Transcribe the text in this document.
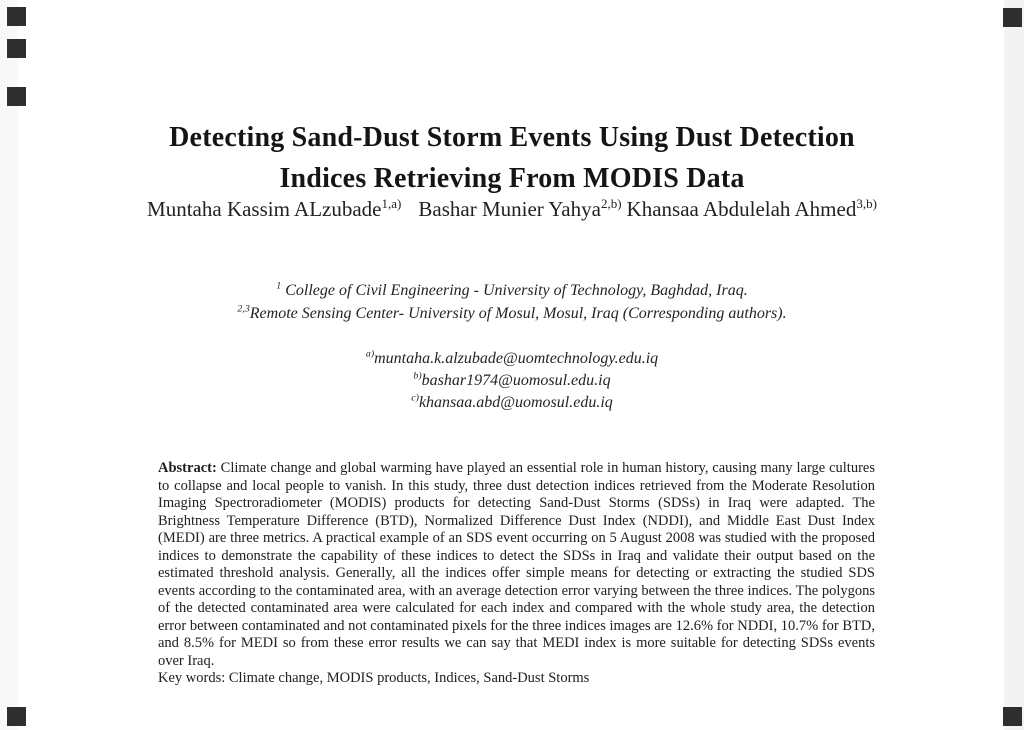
Detecting Sand-Dust Storm Events Using Dust Detection
Indices Retrieving From MODIS Data
Muntaha Kassim ALzubade$^{1,a)}$ Bashar Munier Yahya$^{2,b)}$ Khansaa Abdulelah Ahmed$^{3,b)}$
$^1$ College of Civil Engineering - University of Technology, Baghdad, Iraq.
$^{2,3}$Remote Sensing Center- University of Mosul, Mosul, Iraq (Corresponding authors).
$^{a)}$muntaha.k.alzubade@uomtechnology.edu.iq
$^{b)}$bashar1974@uomosul.edu.iq
$^{c)}$khansaa.abd@uomosul.edu.iq
Abstract: Climate change and global warming have played an essential role in human history, causing many large cultures to collapse and local people to vanish. In this study, three dust detection indices retrieved from the Moderate Resolution Imaging Spectroradiometer (MODIS) products for detecting Sand-Dust Storms (SDSs) in Iraq were adapted. The Brightness Temperature Difference (BTD), Normalized Difference Dust Index (NDDI), and Middle East Dust Index (MEDI) are three metrics. A practical example of an SDS event occurring on 5 August 2008 was studied with the proposed indices to demonstrate the capability of these indices to detect the SDSs in Iraq and validate their output based on the estimated threshold analysis. Generally, all the indices offer simple means for detecting or extracting the studied SDS events according to the contaminated area, with an average detection error varying between the three indices. The polygons of the detected contaminated area were calculated for each index and compared with the whole study area, the detection error between contaminated and not contaminated pixels for the three indices images are 12.6% for NDDI, 10.7% for BTD, and 8.5% for MEDI so from these error results we can say that MEDI index is more suitable for detecting SDSs events over Iraq.
Key words: Climate change, MODIS products, Indices, Sand-Dust Storms
